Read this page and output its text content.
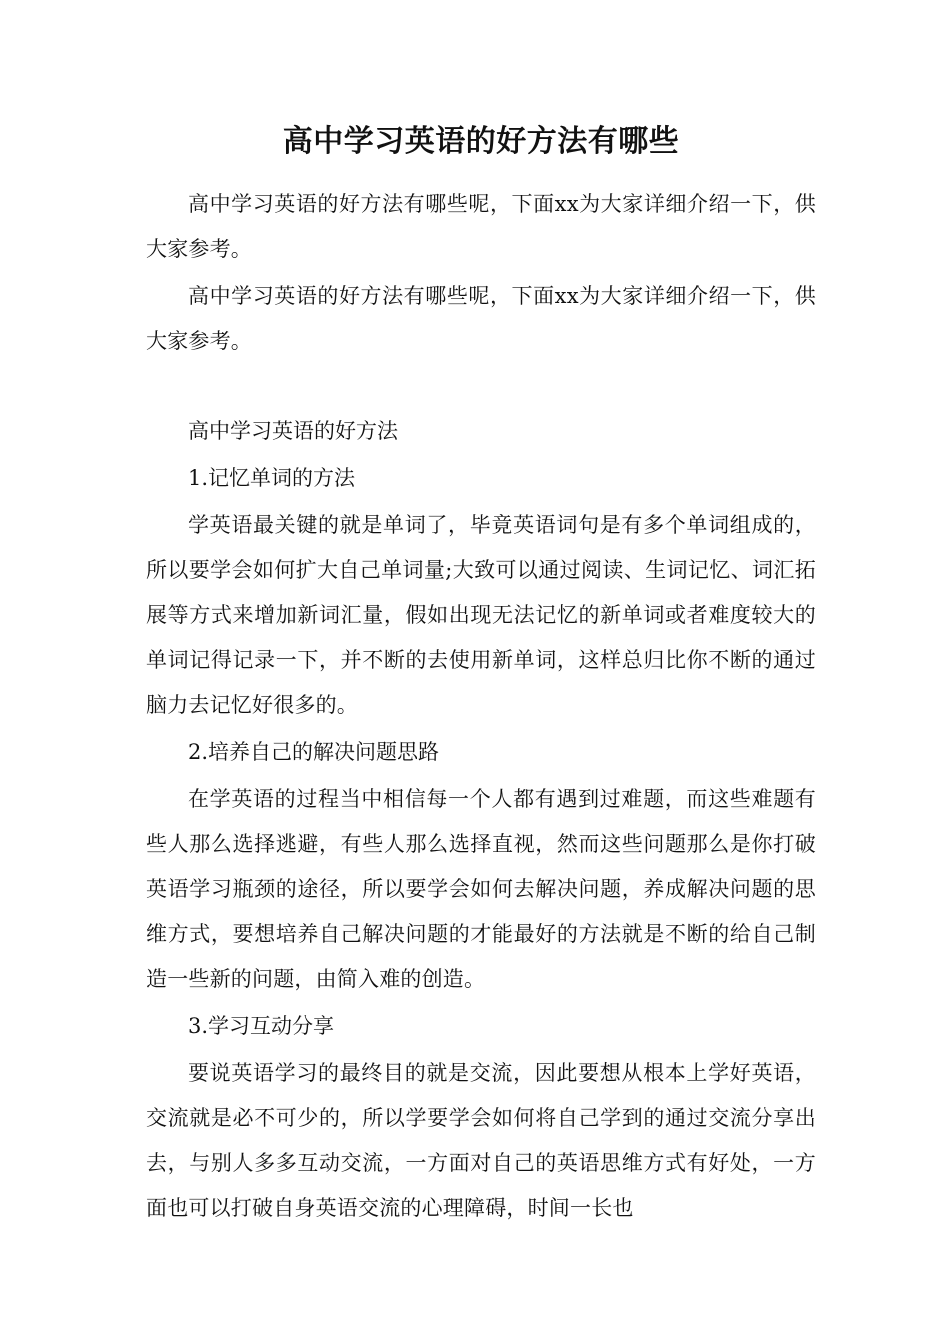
高中学习英语的好方法有哪些

高中学习英语的好方法有哪些呢，下面xx为大家详细介绍一下，供大家参考。

高中学习英语的好方法有哪些呢，下面xx为大家详细介绍一下，供大家参考。

高中学习英语的好方法

1.记忆单词的方法

学英语最关键的就是单词了，毕竟英语词句是有多个单词组成的，所以要学会如何扩大自己单词量;大致可以通过阅读、生词记忆、词汇拓展等方式来增加新词汇量，假如出现无法记忆的新单词或者难度较大的单词记得记录一下，并不断的去使用新单词，这样总归比你不断的通过脑力去记忆好很多的。

2.培养自己的解决问题思路

在学英语的过程当中相信每一个人都有遇到过难题，而这些难题有些人那么选择逃避，有些人那么选择直视，然而这些问题那么是你打破英语学习瓶颈的途径，所以要学会如何去解决问题，养成解决问题的思维方式，要想培养自己解决问题的才能最好的方法就是不断的给自己制造一些新的问题，由简入难的创造。

3.学习互动分享

要说英语学习的最终目的就是交流，因此要想从根本上学好英语，交流就是必不可少的，所以学要学会如何将自己学到的通过交流分享出去，与别人多多互动交流，一方面对自己的英语思维方式有好处，一方面也可以打破自身英语交流的心理障碍，时间一长也
